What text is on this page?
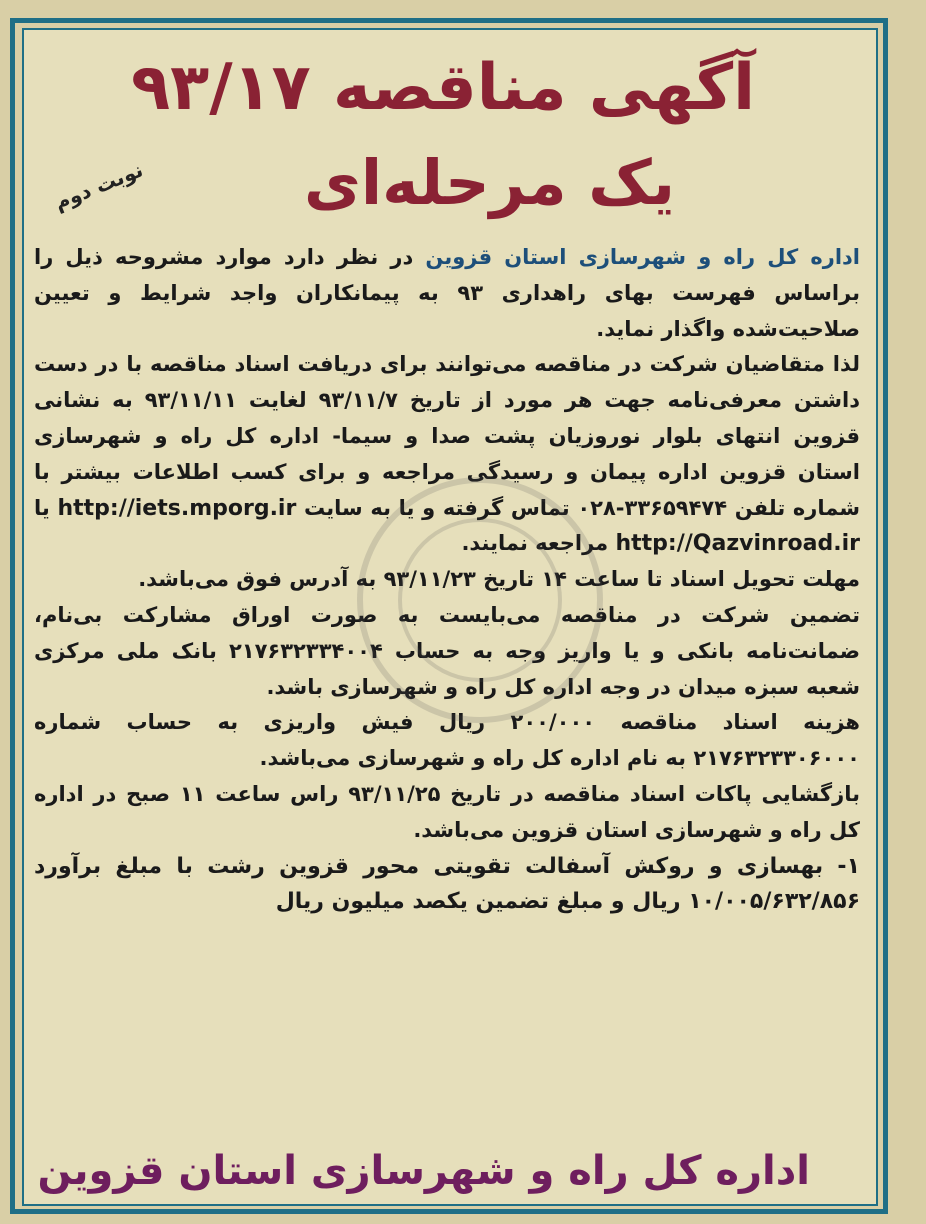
آگهی مناقصه ۹۳/۱۷
نوبت دوم	یک مرحله‌ای

اداره کل راه و شهرسازی استان قزوین در نظر دارد موارد مشروحه ذیل را براساس فهرست بهای راهداری ۹۳ به پیمانکاران واجد شرایط و تعیین صلاحیت‌شده واگذار نماید.

لذا متقاضیان شرکت در مناقصه می‌توانند برای دریافت اسناد مناقصه با در دست داشتن معرفی‌نامه جهت هر مورد از تاریخ ۹۳/۱۱/۷ لغایت ۹۳/۱۱/۱۱ به نشانی قزوین انتهای بلوار نوروزیان پشت صدا و سیما- اداره کل راه و شهرسازی استان قزوین اداره پیمان و رسیدگی مراجعه و برای کسب اطلاعات بیشتر با شماره تلفن ۳۳۶۵۹۴۷۴-۰۲۸ تماس گرفته و یا به سایت http://iets.mporg.ir یا http://Qazvinroad.ir مراجعه نمایند.

مهلت تحویل اسناد تا ساعت ۱۴ تاریخ ۹۳/۱۱/۲۳ به آدرس فوق می‌باشد.

تضمین شرکت در مناقصه می‌بایست به صورت اوراق مشارکت بی‌نام، ضمانت‌نامه بانکی و یا واریز وجه به حساب ۲۱۷۶۳۲۳۳۴۰۰۴ بانک ملی مرکزی شعبه سبزه میدان در وجه اداره کل راه و شهرسازی باشد.

هزینه اسناد مناقصه ۲۰۰/۰۰۰ ریال فیش واریزی به حساب شماره ۲۱۷۶۳۲۳۳۰۶۰۰۰ به نام اداره کل راه و شهرسازی می‌باشد.

بازگشایی پاکات اسناد مناقصه در تاریخ ۹۳/۱۱/۲۵ راس ساعت ۱۱ صبح در اداره کل راه و شهرسازی استان قزوین می‌باشد.

۱- بهسازی و روکش آسفالت تقویتی محور قزوین رشت با مبلغ برآورد ۱۰/۰۰۵/۶۳۲/۸۵۶ ریال و مبلغ تضمین یکصد میلیون ریال

اداره کل راه و شهرسازی استان قزوین
